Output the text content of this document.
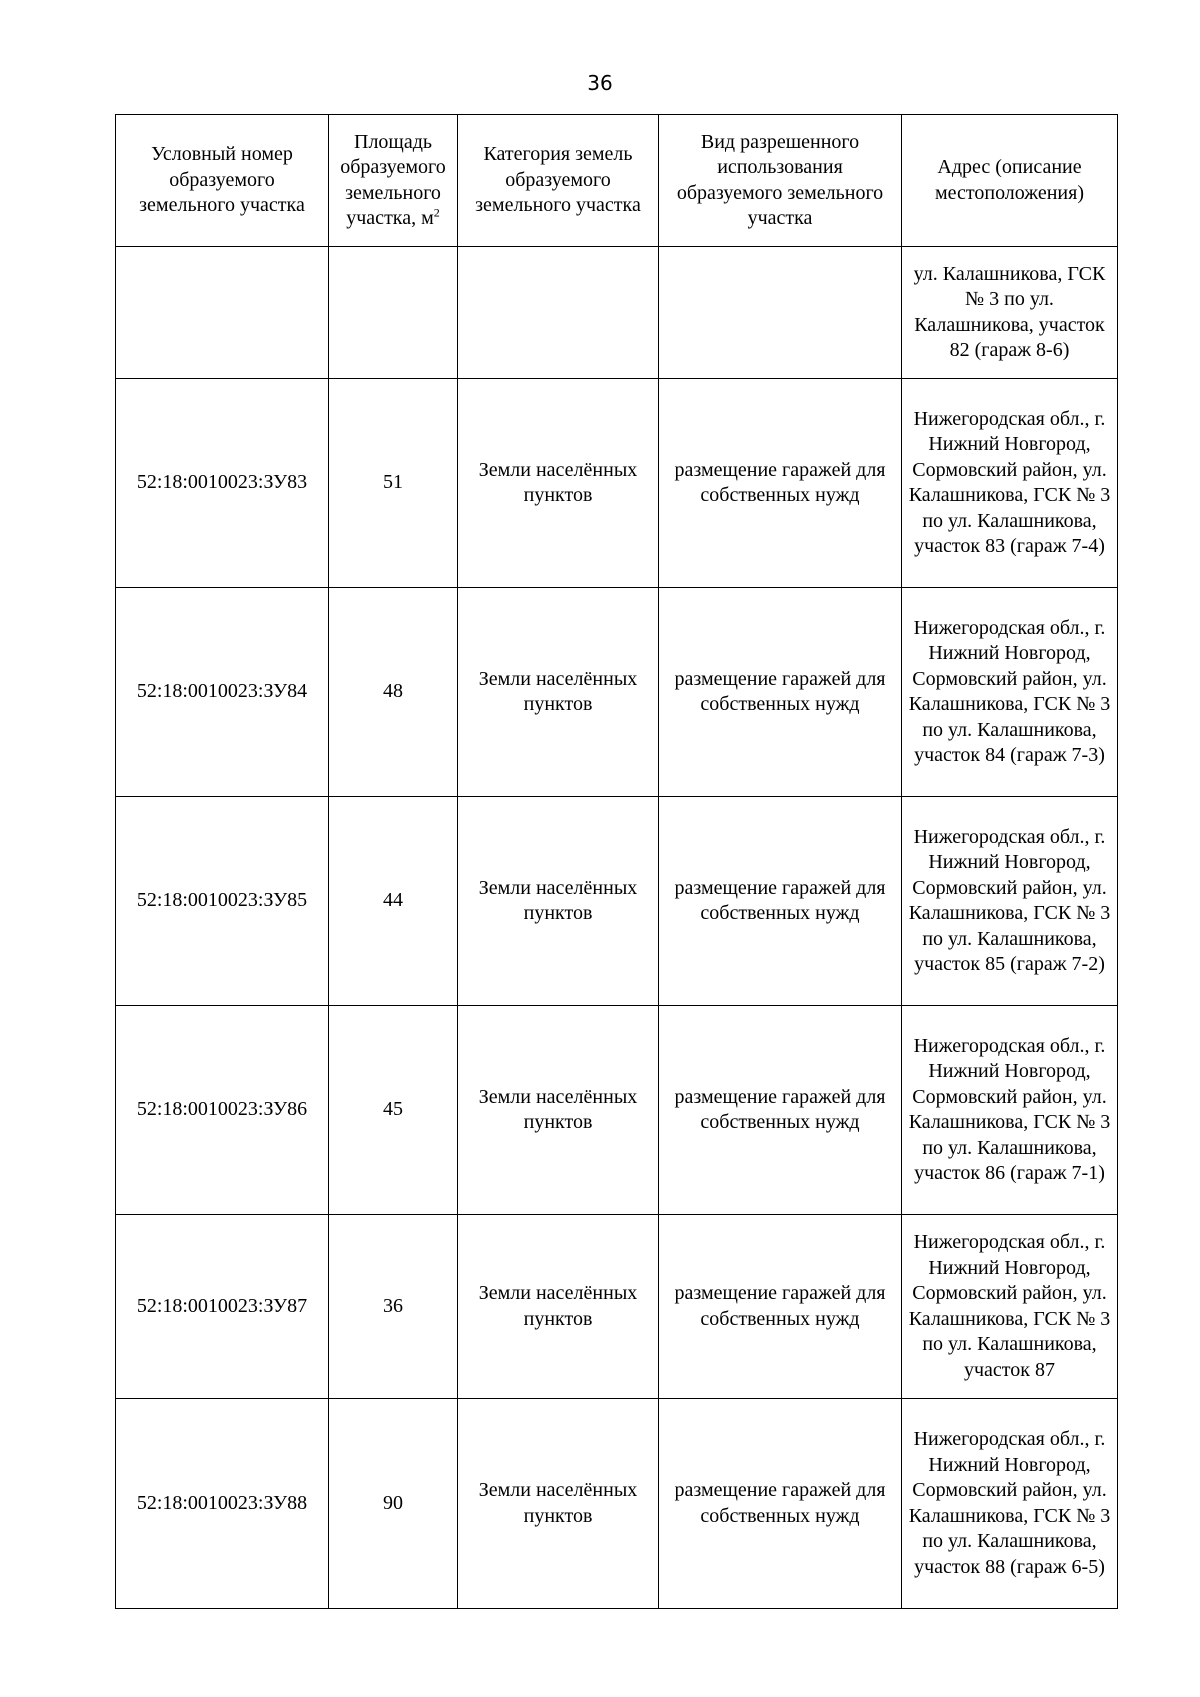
36
Условный номер образуемого земельного участка	Площадь образуемого земельного участка, $м^2$	Категория земель образуемого земельного участка	Вид разрешенного использования образуемого земельного участка	Адрес (описание местоположения)
				ул. Калашникова, ГСК № 3 по ул. Калашникова, участок 82 (гараж 8-6)
52:18:0010023:ЗУ83	51	Земли населённых пунктов	размещение гаражей для собственных нужд	Нижегородская обл., г. Нижний Новгород, Сормовский район, ул. Калашникова, ГСК № 3 по ул. Калашникова, участок 83 (гараж 7-4)
52:18:0010023:ЗУ84	48	Земли населённых пунктов	размещение гаражей для собственных нужд	Нижегородская обл., г. Нижний Новгород, Сормовский район, ул. Калашникова, ГСК № 3 по ул. Калашникова, участок 84 (гараж 7-3)
52:18:0010023:ЗУ85	44	Земли населённых пунктов	размещение гаражей для собственных нужд	Нижегородская обл., г. Нижний Новгород, Сормовский район, ул. Калашникова, ГСК № 3 по ул. Калашникова, участок 85 (гараж 7-2)
52:18:0010023:ЗУ86	45	Земли населённых пунктов	размещение гаражей для собственных нужд	Нижегородская обл., г. Нижний Новгород, Сормовский район, ул. Калашникова, ГСК № 3 по ул. Калашникова, участок 86 (гараж 7-1)
52:18:0010023:ЗУ87	36	Земли населённых пунктов	размещение гаражей для собственных нужд	Нижегородская обл., г. Нижний Новгород, Сормовский район, ул. Калашникова, ГСК № 3 по ул. Калашникова, участок 87
52:18:0010023:ЗУ88	90	Земли населённых пунктов	размещение гаражей для собственных нужд	Нижегородская обл., г. Нижний Новгород, Сормовский район, ул. Калашникова, ГСК № 3 по ул. Калашникова, участок 88 (гараж 6-5)
